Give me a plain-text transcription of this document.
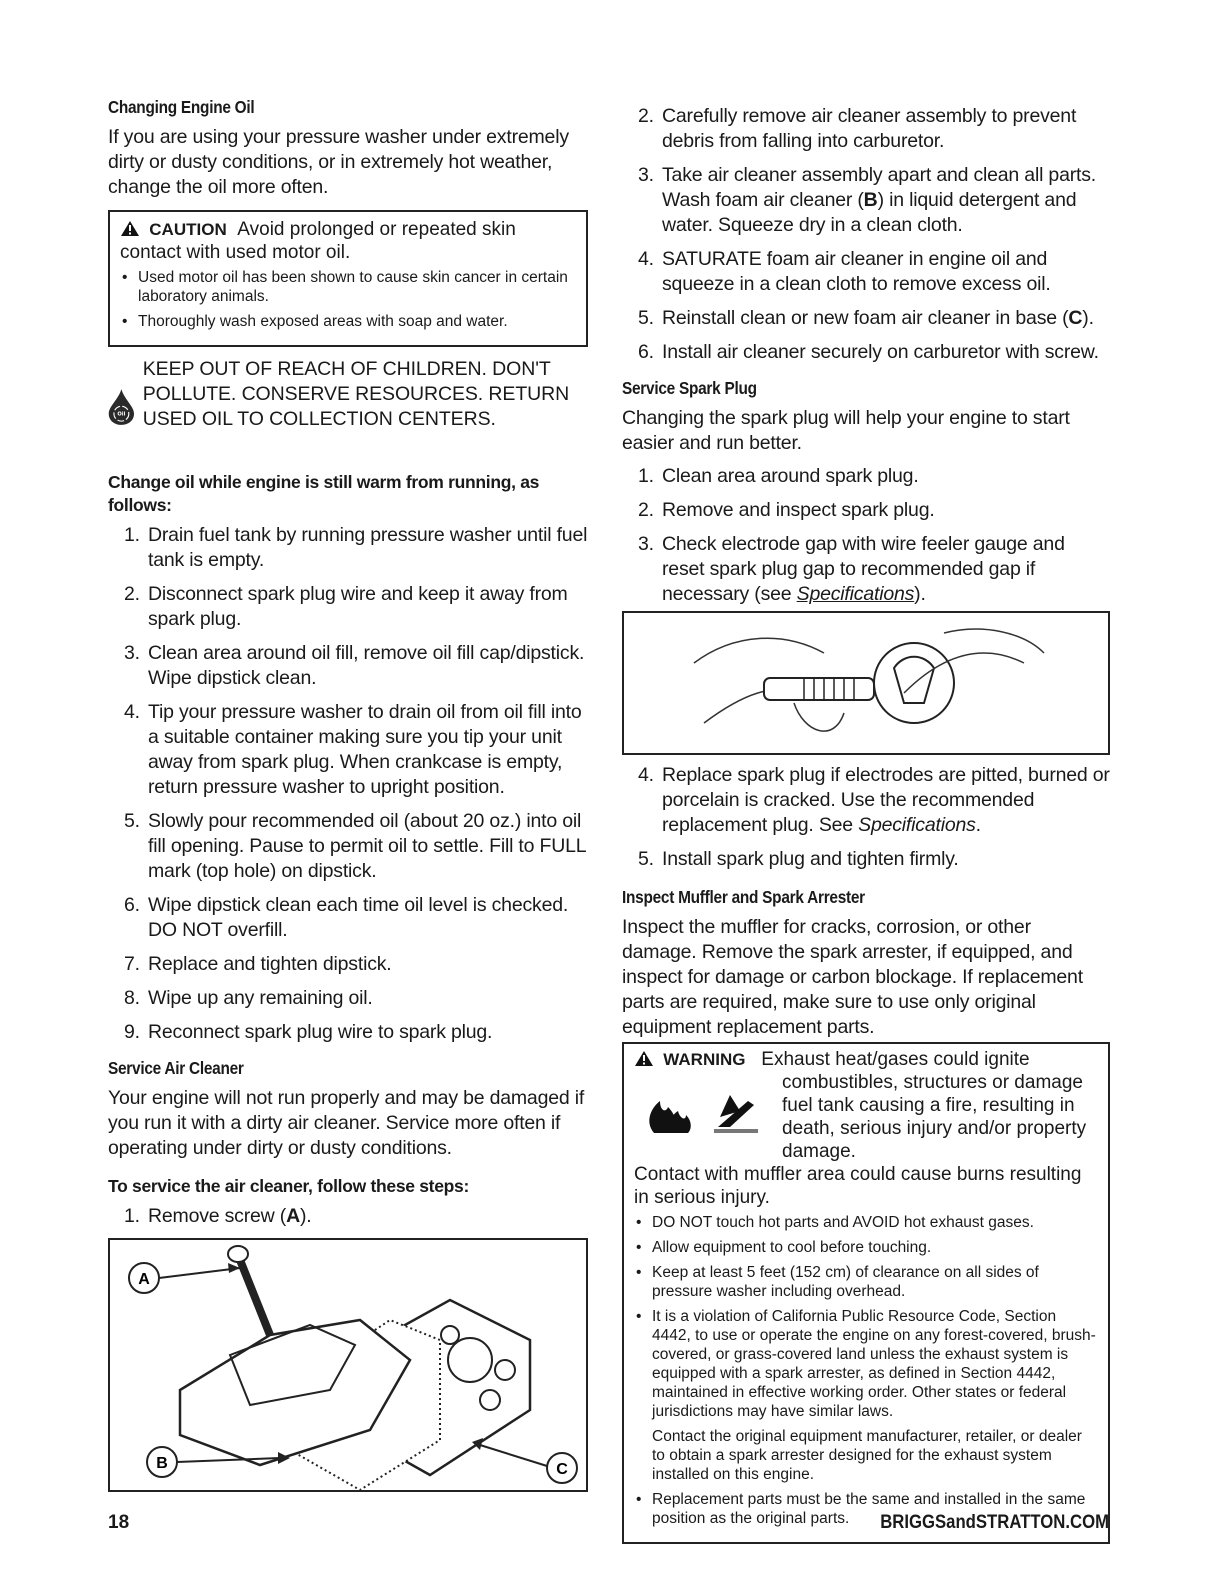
Changing Engine Oil

If you are using your pressure washer under extremely dirty or dusty conditions, or in extremely hot weather, change the oil more often.

CAUTION Avoid prolonged or repeated skin contact with used motor oil.
• Used motor oil has been shown to cause skin cancer in certain laboratory animals.
• Thoroughly wash exposed areas with soap and water.
Oil
KEEP OUT OF REACH OF CHILDREN. DON'T POLLUTE. CONSERVE RESOURCES. RETURN USED OIL TO COLLECTION CENTERS.
Change oil while engine is still warm from running, as follows:
1. Drain fuel tank by running pressure washer until fuel tank is empty.
2. Disconnect spark plug wire and keep it away from spark plug.
3. Clean area around oil fill, remove oil fill cap/dipstick. Wipe dipstick clean.
4. Tip your pressure washer to drain oil from oil fill into a suitable container making sure you tip your unit away from spark plug. When crankcase is empty, return pressure washer to upright position.
5. Slowly pour recommended oil (about 20 oz.) into oil fill opening. Pause to permit oil to settle. Fill to FULL mark (top hole) on dipstick.
6. Wipe dipstick clean each time oil level is checked. DO NOT overfill.
7. Replace and tighten dipstick.
8. Wipe up any remaining oil.
9. Reconnect spark plug wire to spark plug.
Service Air Cleaner

Your engine will not run properly and may be damaged if you run it with a dirty air cleaner. Service more often if operating under dirty or dusty conditions.

To service the air cleaner, follow these steps:
1. Remove screw (A).
A
B	C
2. Carefully remove air cleaner assembly to prevent debris from falling into carburetor.
3. Take air cleaner assembly apart and clean all parts. Wash foam air cleaner (B) in liquid detergent and water. Squeeze dry in a clean cloth.
4. SATURATE foam air cleaner in engine oil and squeeze in a clean cloth to remove excess oil.
5. Reinstall clean or new foam air cleaner in base (C).
6. Install air cleaner securely on carburetor with screw.
Service Spark Plug

Changing the spark plug will help your engine to start easier and run better.

1. Clean area around spark plug.
2. Remove and inspect spark plug.
3. Check electrode gap with wire feeler gauge and reset spark plug gap to recommended gap if necessary (see Specifications).
4. Replace spark plug if electrodes are pitted, burned or porcelain is cracked. Use the recommended replacement plug. See Specifications.
5. Install spark plug and tighten firmly.
Inspect Muffler and Spark Arrester

Inspect the muffler for cracks, corrosion, or other damage. Remove the spark arrester, if equipped, and inspect for damage or carbon blockage. If replacement parts are required, make sure to use only original equipment replacement parts.

WARNING Exhaust heat/gases could ignite
combustibles, structures or damage fuel tank causing a fire, resulting in death, serious injury and/or property damage.
Contact with muffler area could cause burns resulting in serious injury.
• DO NOT touch hot parts and AVOID hot exhaust gases.
• Allow equipment to cool before touching.
• Keep at least 5 feet (152 cm) of clearance on all sides of pressure washer including overhead.
• It is a violation of California Public Resource Code, Section 4442, to use or operate the engine on any forest-covered, brush-covered, or grass-covered land unless the exhaust system is equipped with a spark arrester, as defined in Section 4442, maintained in effective working order. Other states or federal jurisdictions may have similar laws.
Contact the original equipment manufacturer, retailer, or dealer to obtain a spark arrester designed for the exhaust system installed on this engine.
• Replacement parts must be the same and installed in the same position as the original parts.
18	BRIGGSandSTRATTON.COM
